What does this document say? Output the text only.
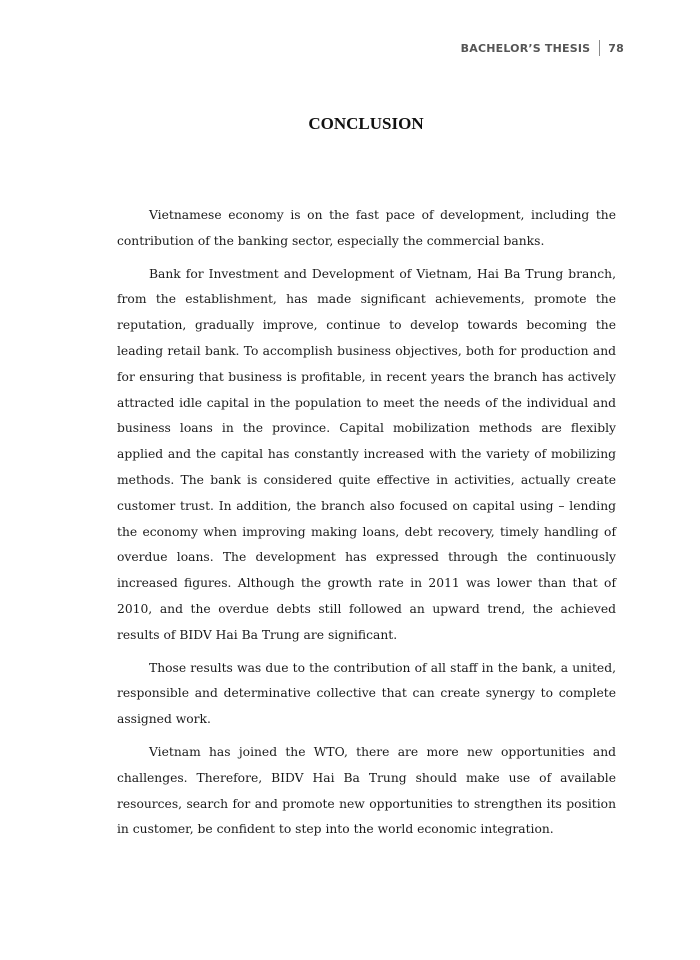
BACHELOR’S THESIS 78
CONCLUSION

Vietnamese economy is on the fast pace of development, including the contribution of the banking sector, especially the commercial banks.

Bank for Investment and Development of Vietnam, Hai Ba Trung branch, from the establishment, has made significant achievements, promote the reputation, gradually improve, continue to develop towards becoming the leading retail bank. To accomplish business objectives, both for production and for ensuring that business is profitable, in recent years the branch has actively attracted idle capital in the population to meet the needs of the individual and business loans in the province. Capital mobilization methods are flexibly applied and the capital has constantly increased with the variety of mobilizing methods. The bank is considered quite effective in activities, actually create customer trust. In addition, the branch also focused on capital using – lending the economy when improving making loans, debt recovery, timely handling of overdue loans. The development has expressed through the continuously increased figures. Although the growth rate in 2011 was lower than that of 2010, and the overdue debts still followed an upward trend, the achieved results of BIDV Hai Ba Trung are significant.

Those results was due to the contribution of all staff in the bank, a united, responsible and determinative collective that can create synergy to complete assigned work.

Vietnam has joined the WTO, there are more new opportunities and challenges. Therefore, BIDV Hai Ba Trung should make use of available resources, search for and promote new opportunities to strengthen its position in customer, be confident to step into the world economic integration.
